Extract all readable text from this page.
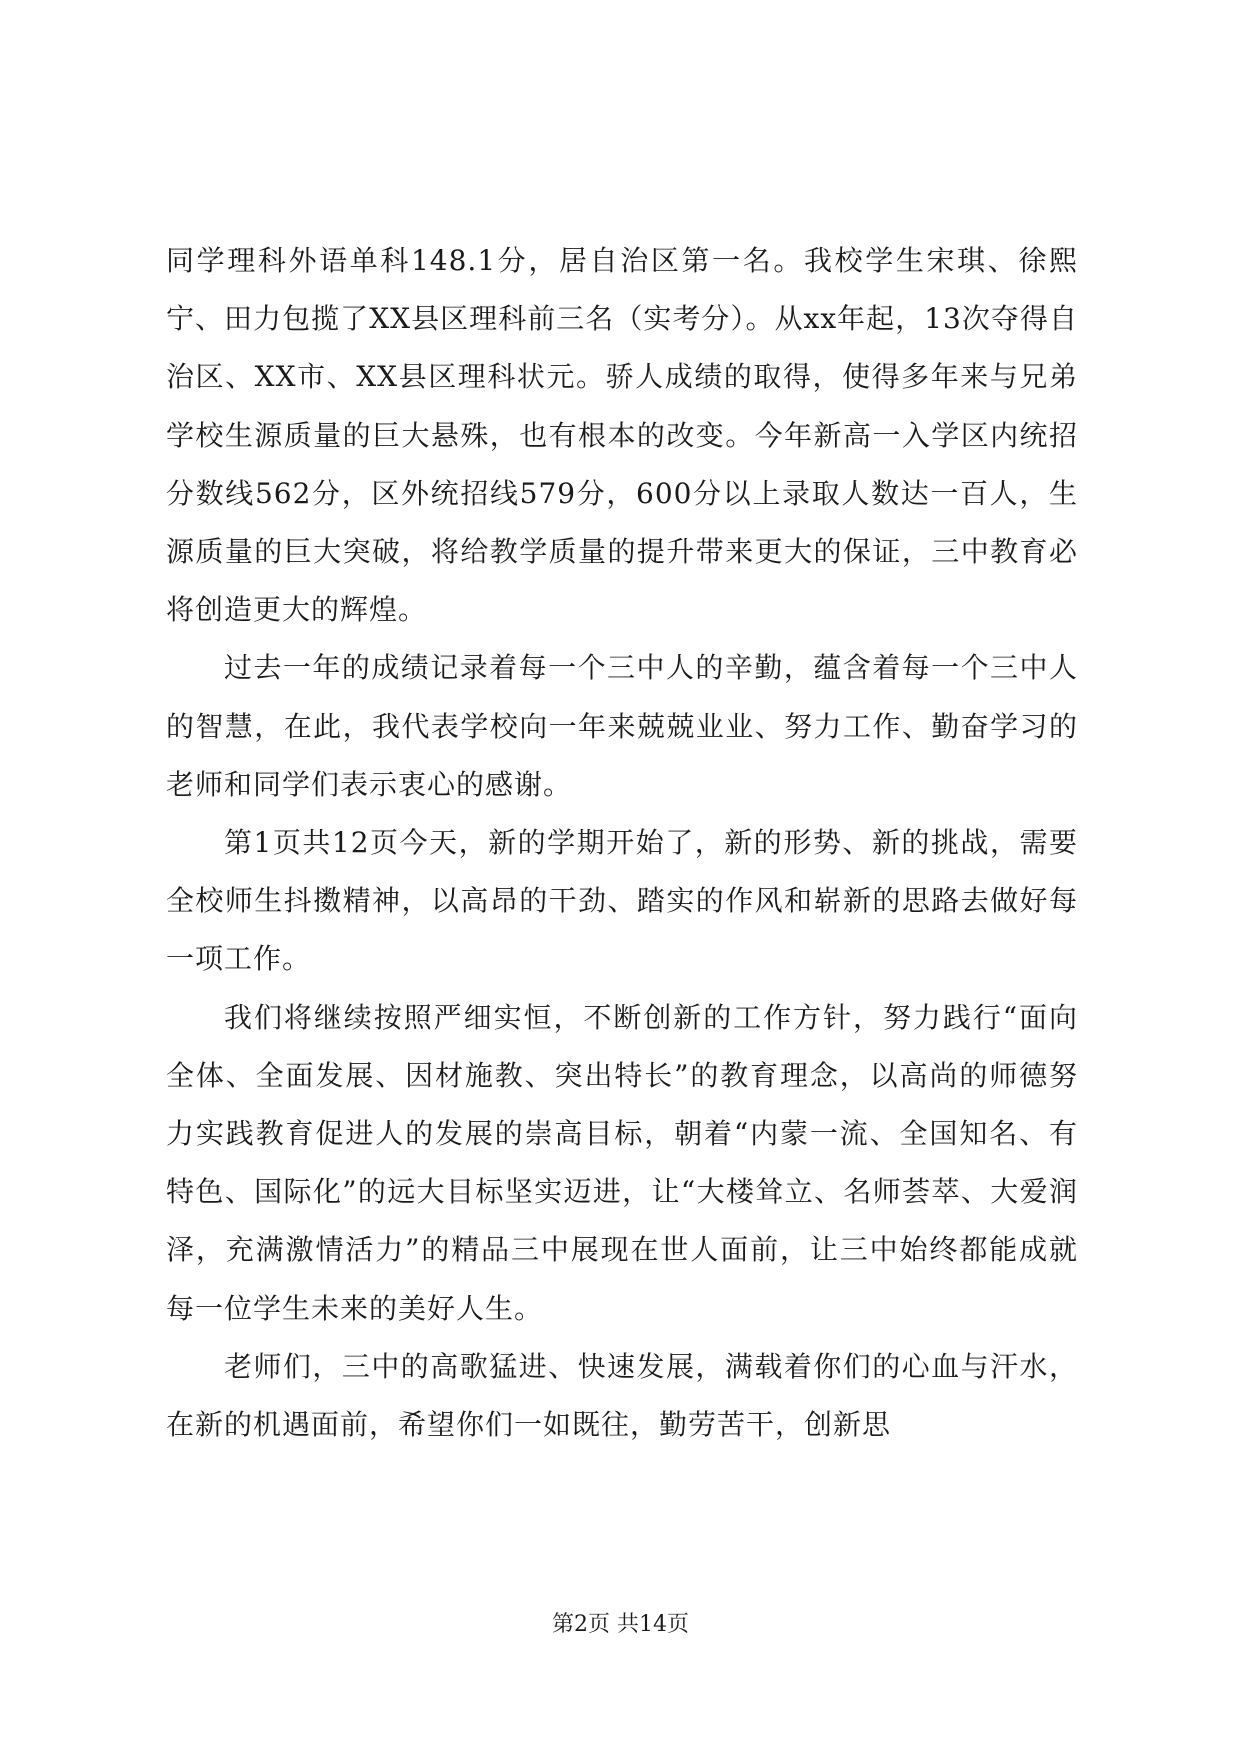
同学理科外语单科148.1分，居自治区第一名。我校学生宋琪、徐熙宁、田力包揽了XX县区理科前三名（实考分）。从xx年起，13次夺得自治区、XX市、XX县区理科状元。骄人成绩的取得，使得多年来与兄弟学校生源质量的巨大悬殊，也有根本的改变。今年新高一入学区内统招分数线562分，区外统招线579分，600分以上录取人数达一百人，生源质量的巨大突破，将给教学质量的提升带来更大的保证，三中教育必将创造更大的辉煌。

过去一年的成绩记录着每一个三中人的辛勤，蕴含着每一个三中人的智慧，在此，我代表学校向一年来兢兢业业、努力工作、勤奋学习的老师和同学们表示衷心的感谢。

第1页共12页今天，新的学期开始了，新的形势、新的挑战，需要全校师生抖擞精神，以高昂的干劲、踏实的作风和崭新的思路去做好每一项工作。

我们将继续按照严细实恒，不断创新的工作方针，努力践行“面向全体、全面发展、因材施教、突出特长”的教育理念，以高尚的师德努力实践教育促进人的发展的崇高目标，朝着“内蒙一流、全国知名、有特色、国际化”的远大目标坚实迈进，让“大楼耸立、名师荟萃、大爱润泽，充满激情活力”的精品三中展现在世人面前，让三中始终都能成就每一位学生未来的美好人生。

老师们，三中的高歌猛进、快速发展，满载着你们的心血与汗水，在新的机遇面前，希望你们一如既往，勤劳苦干，创新思

第2页 共14页
